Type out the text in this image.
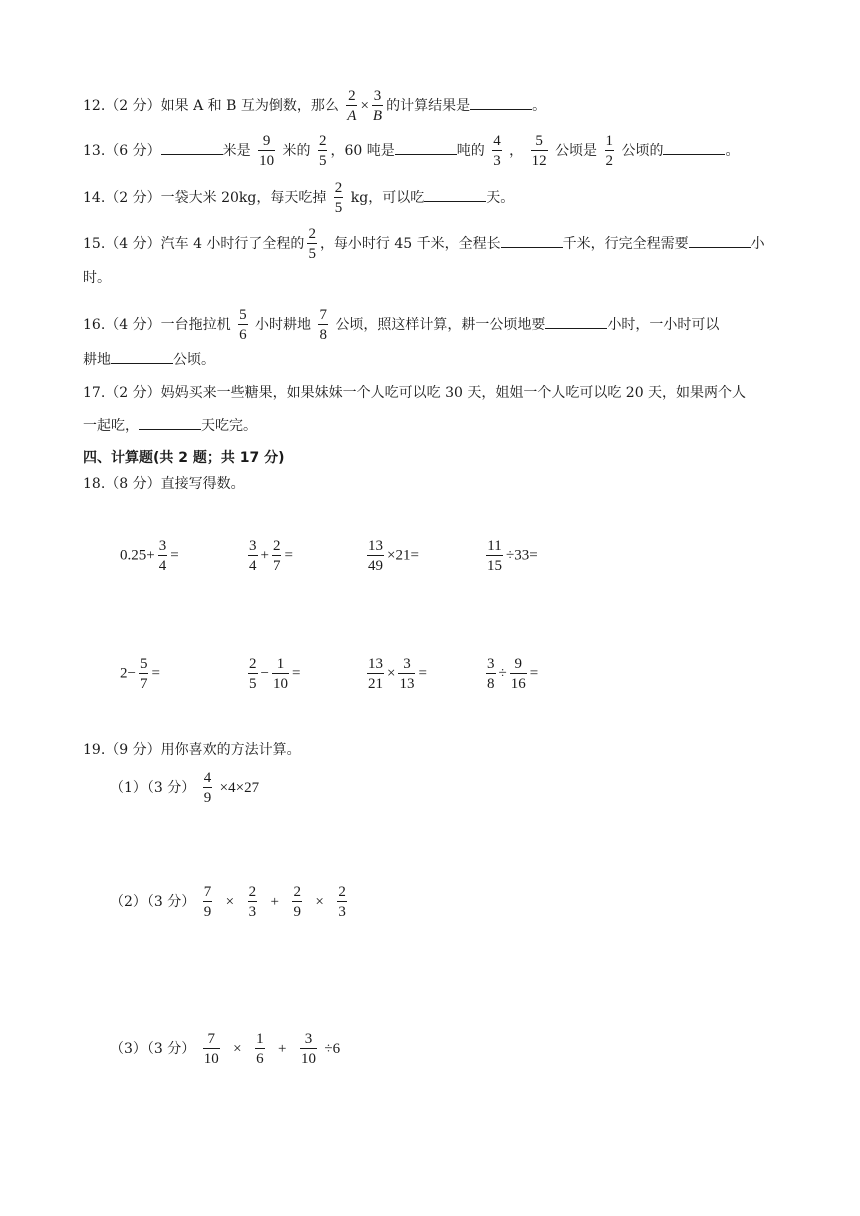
12.（2 分）如果 A 和 B 互为倒数，那么 $\frac{2}{A} \times \frac{3}{B}$ 的计算结果是	。
13.（6 分）	米是 $\frac{9}{10}$ 米的 $\frac{2}{5}$ ，60 吨是	吨的 $\frac{4}{3}$ ， $\frac{5}{12}$ 公顷是 $\frac{1}{2}$ 公顷的	。
14.（2 分）一袋大米 20kg，每天吃掉 $\frac{2}{5}$ kg，可以吃	天。
15.（4 分）汽车 4 小时行了全程的 $\frac{2}{5}$ ，每小时行 45 千米，全程长	千米，行完全程需要	小
时。
16.（4 分）一台拖拉机 $\frac{5}{6}$ 小时耕地 $\frac{7}{8}$ 公顷，照这样计算，耕一公顷地要	小时，一小时可以
耕地	公顷。
17.（2 分）妈妈买来一些糖果，如果妹妹一个人吃可以吃 30 天，姐姐一个人吃可以吃 20 天，如果两个人
一起吃，	天吃完。
四、计算题(共 2 题；共 17 分)
18.（8 分）直接写得数。
$0.25+ \frac{3}{4}$ =	$\frac{3}{4} + \frac{2}{7}$ =	$\frac{13}{49} \times 21=$	$\frac{11}{15} \div 33=$
$2- \frac{5}{7}$ =	$\frac{2}{5} - \frac{1}{10}$ =	$\frac{13}{21} \times \frac{3}{13}$ =	$\frac{3}{8} \div \frac{9}{16}$ =
19.（9 分）用你喜欢的方法计算。
（1）（3 分） $\frac{4}{9} \times 4\times 27$
（2）（3 分） $\frac{7}{9} \times \frac{2}{3} + \frac{2}{9} \times \frac{2}{3}$
（3）（3 分） $\frac{7}{10} \times \frac{1}{6} + \frac{3}{10} \div 6$
